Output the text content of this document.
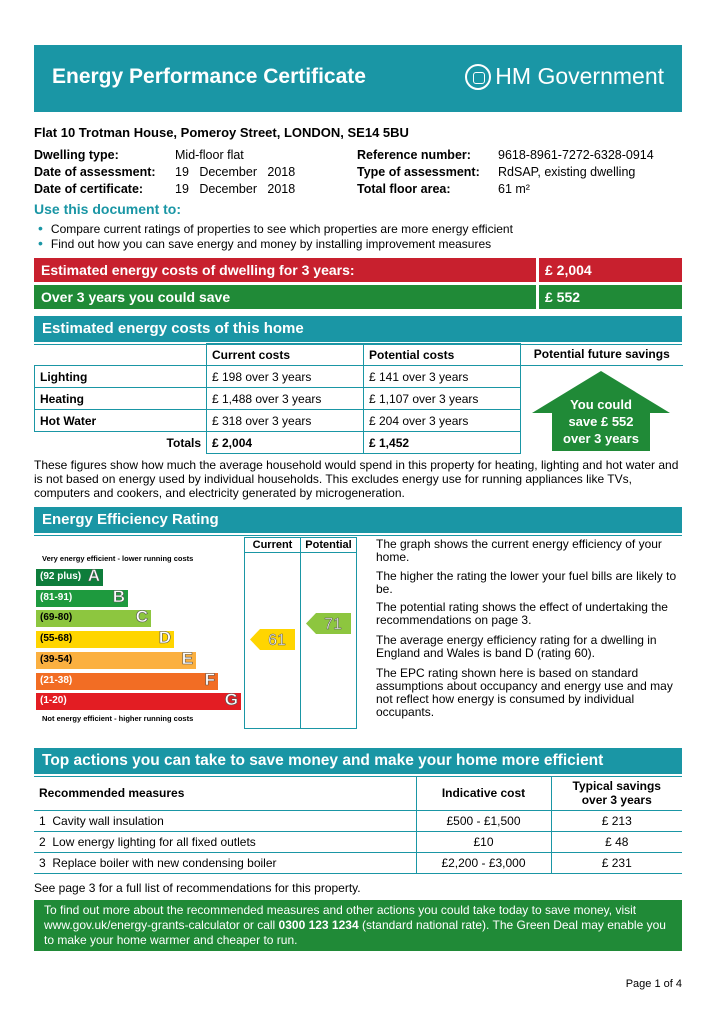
Energy Performance Certificate	HM Government
Flat 10 Trotman House, Pomeroy Street, LONDON, SE14 5BU
Dwelling type:	Mid-floor flat
Date of assessment: 19   December   2018
Date of certificate:	19   December   2018
Reference number: 9618-8961-7272-6328-0914
Type of assessment: RdSAP, existing dwelling
Total floor area:	61 m²
Use this document to:
• Compare current ratings of properties to see which properties are more energy efficient
• Find out how you can save energy and money by installing improvement measures
Estimated energy costs of dwelling for 3 years:	£ 2,004
Over 3 years you could save	£ 552
Estimated energy costs of this home
	Current costs	Potential costs	Potential future savings
Lighting	£ 198 over 3 years	£ 141 over 3 years	
Heating	£ 1,488 over 3 years	£ 1,107 over 3 years	
Hot Water	£ 318 over 3 years	£ 204 over 3 years	
Totals	£ 2,004	£ 1,452	
You could
save £ 552
over 3 years
These figures show how much the average household would spend in this property for heating, lighting and hot water and is not based on energy used by individual households. This excludes energy use for running appliances like TVs, computers and cookers, and electricity generated by microgeneration.
Energy Efficiency Rating
Very energy efficient - lower running costs
(92 plus) A
(81-91) B
(69-80)	C
(55-68)	D
(39-54)	E
(21-38)	F
(1-20)	G
Not energy efficient - higher running costs
Current	Potential
61
71
The graph shows the current energy efficiency of your home.
The higher the rating the lower your fuel bills are likely to be.
The potential rating shows the effect of undertaking the recommendations on page 3.
The average energy efficiency rating for a dwelling in England and Wales is band D (rating 60).
The EPC rating shown here is based on standard assumptions about occupancy and energy use and may not reflect how energy is consumed by individual occupants.
Top actions you can take to save money and make your home more efficient
Recommended measures	Indicative cost	Typical savings
over 3 years
1 Cavity wall insulation	£500 - £1,500	£ 213
2 Low energy lighting for all fixed outlets	£10	£ 48
3 Replace boiler with new condensing boiler	£2,200 - £3,000	£ 231
See page 3 for a full list of recommendations for this property.
To find out more about the recommended measures and other actions you could take today to save money, visit www.gov.uk/energy-grants-calculator or call 0300 123 1234 (standard national rate). The Green Deal may enable you to make your home warmer and cheaper to run.
Page 1 of 4
